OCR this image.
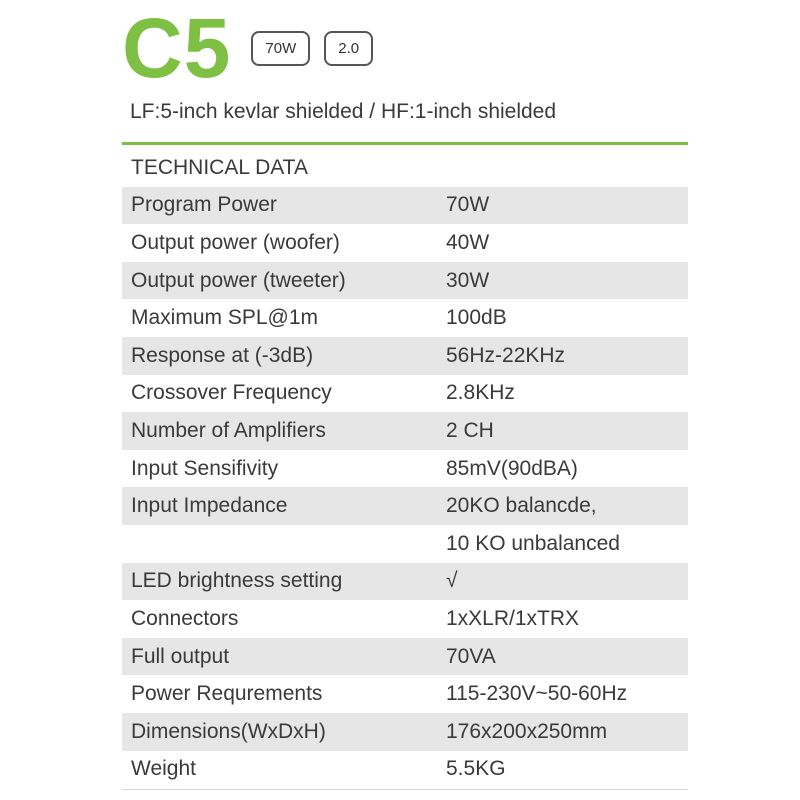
C5	70W	2.0
LF:5-inch kevlar shielded / HF:1-inch shielded
TECHNICAL DATA
Program Power	70W
Output power (woofer)	40W
Output power (tweeter)	30W
Maximum SPL@1m	100dB
Response at (-3dB)	56Hz-22KHz
Crossover Frequency	2.8KHz
Number of Amplifiers	2 CH
Input Sensifivity	85mV(90dBA)
Input Impedance	20KO balancde,
10 KO unbalanced
LED brightness setting	√
Connectors	1xXLR/1xTRX
Full output	70VA
Power Requrements	115-230V~50-60Hz
Dimensions(WxDxH)	176x200x250mm
Weight	5.5KG
